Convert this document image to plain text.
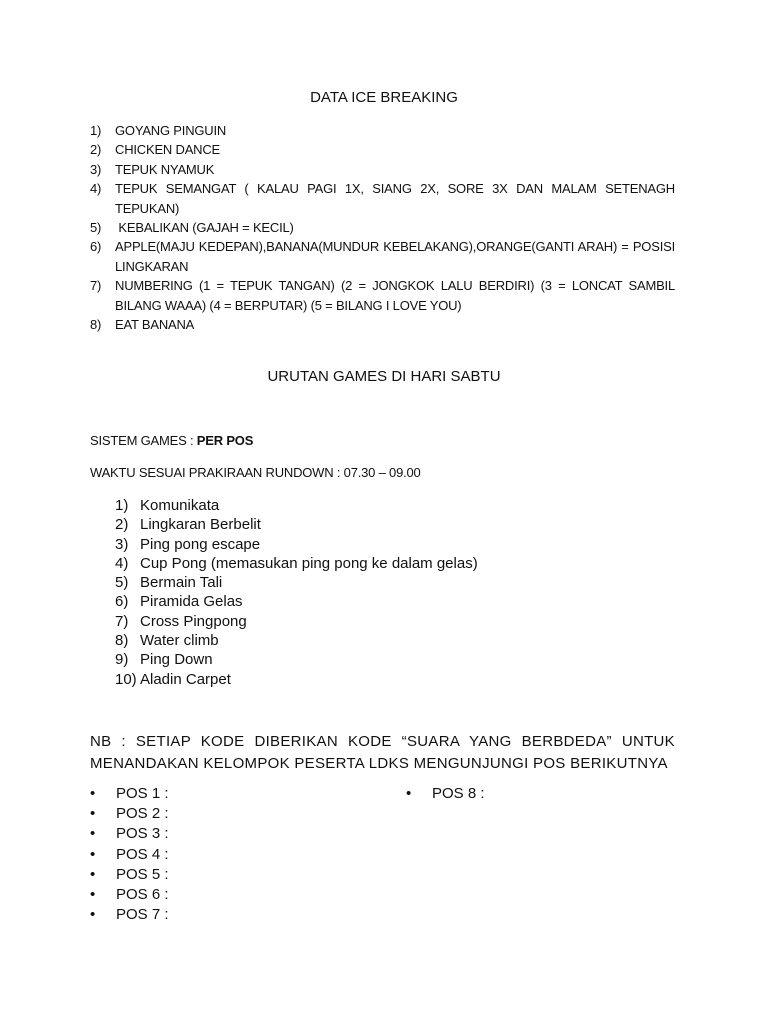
DATA ICE BREAKING
1) GOYANG PINGUIN
2) CHICKEN DANCE
3) TEPUK NYAMUK
4) TEPUK SEMANGAT ( KALAU PAGI 1X, SIANG 2X, SORE 3X DAN MALAM SETENAGH TEPUKAN)
5) KEBALIKAN (GAJAH = KECIL)
6) APPLE(MAJU KEDEPAN),BANANA(MUNDUR KEBELAKANG),ORANGE(GANTI ARAH) = POSISI LINGKARAN
7) NUMBERING (1 = TEPUK TANGAN) (2 = JONGKOK LALU BERDIRI) (3 = LONCAT SAMBIL BILANG WAAA) (4 = BERPUTAR) (5 = BILANG I LOVE YOU)
8) EAT BANANA
URUTAN GAMES DI HARI SABTU
SISTEM GAMES : PER POS
WAKTU SESUAI PRAKIRAAN RUNDOWN : 07.30 – 09.00
1) Komunikata
2) Lingkaran Berbelit
3) Ping pong escape
4) Cup Pong (memasukan ping pong ke dalam gelas)
5) Bermain Tali
6) Piramida Gelas
7) Cross Pingpong
8) Water climb
9) Ping Down
10) Aladin Carpet
NB : SETIAP KODE DIBERIKAN KODE “SUARA YANG BERBDEDA” UNTUK MENANDAKAN KELOMPOK PESERTA LDKS MENGUNJUNGI POS BERIKUTNYA
• POS 1 :
• POS 2 :
• POS 3 :
• POS 4 :
• POS 5 :
• POS 6 :
• POS 7 :
• POS 8 :
